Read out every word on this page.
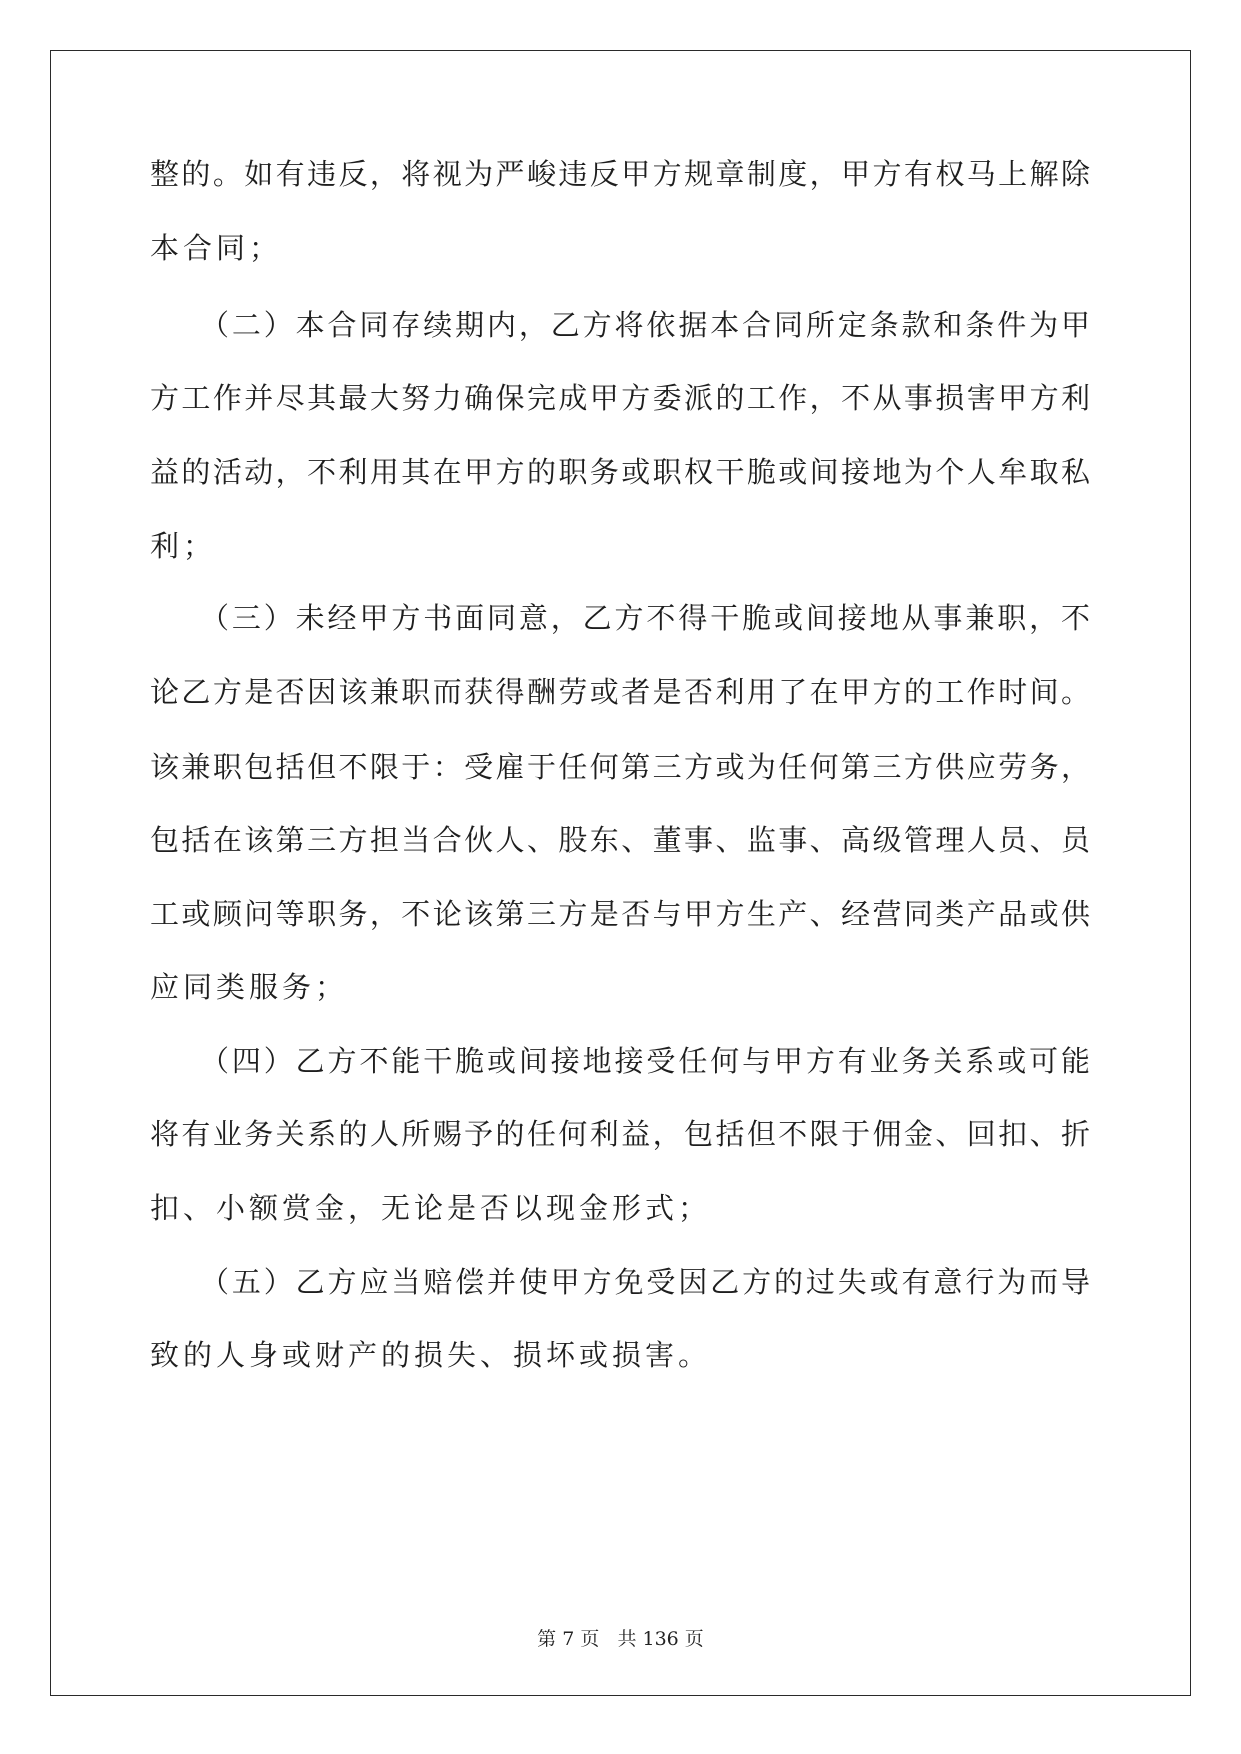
整的。如有违反，将视为严峻违反甲方规章制度，甲方有权马上解除
本合同；
（二）本合同存续期内，乙方将依据本合同所定条款和条件为甲
方工作并尽其最大努力确保完成甲方委派的工作，不从事损害甲方利
益的活动，不利用其在甲方的职务或职权干脆或间接地为个人牟取私
利；
（三）未经甲方书面同意，乙方不得干脆或间接地从事兼职，不
论乙方是否因该兼职而获得酬劳或者是否利用了在甲方的工作时间。
该兼职包括但不限于：受雇于任何第三方或为任何第三方供应劳务，
包括在该第三方担当合伙人、股东、董事、监事、高级管理人员、员
工或顾问等职务，不论该第三方是否与甲方生产、经营同类产品或供
应同类服务；
（四）乙方不能干脆或间接地接受任何与甲方有业务关系或可能
将有业务关系的人所赐予的任何利益，包括但不限于佣金、回扣、折
扣、小额赏金，无论是否以现金形式；
（五）乙方应当赔偿并使甲方免受因乙方的过失或有意行为而导
致的人身或财产的损失、损坏或损害。
第 7 页   共 136 页
